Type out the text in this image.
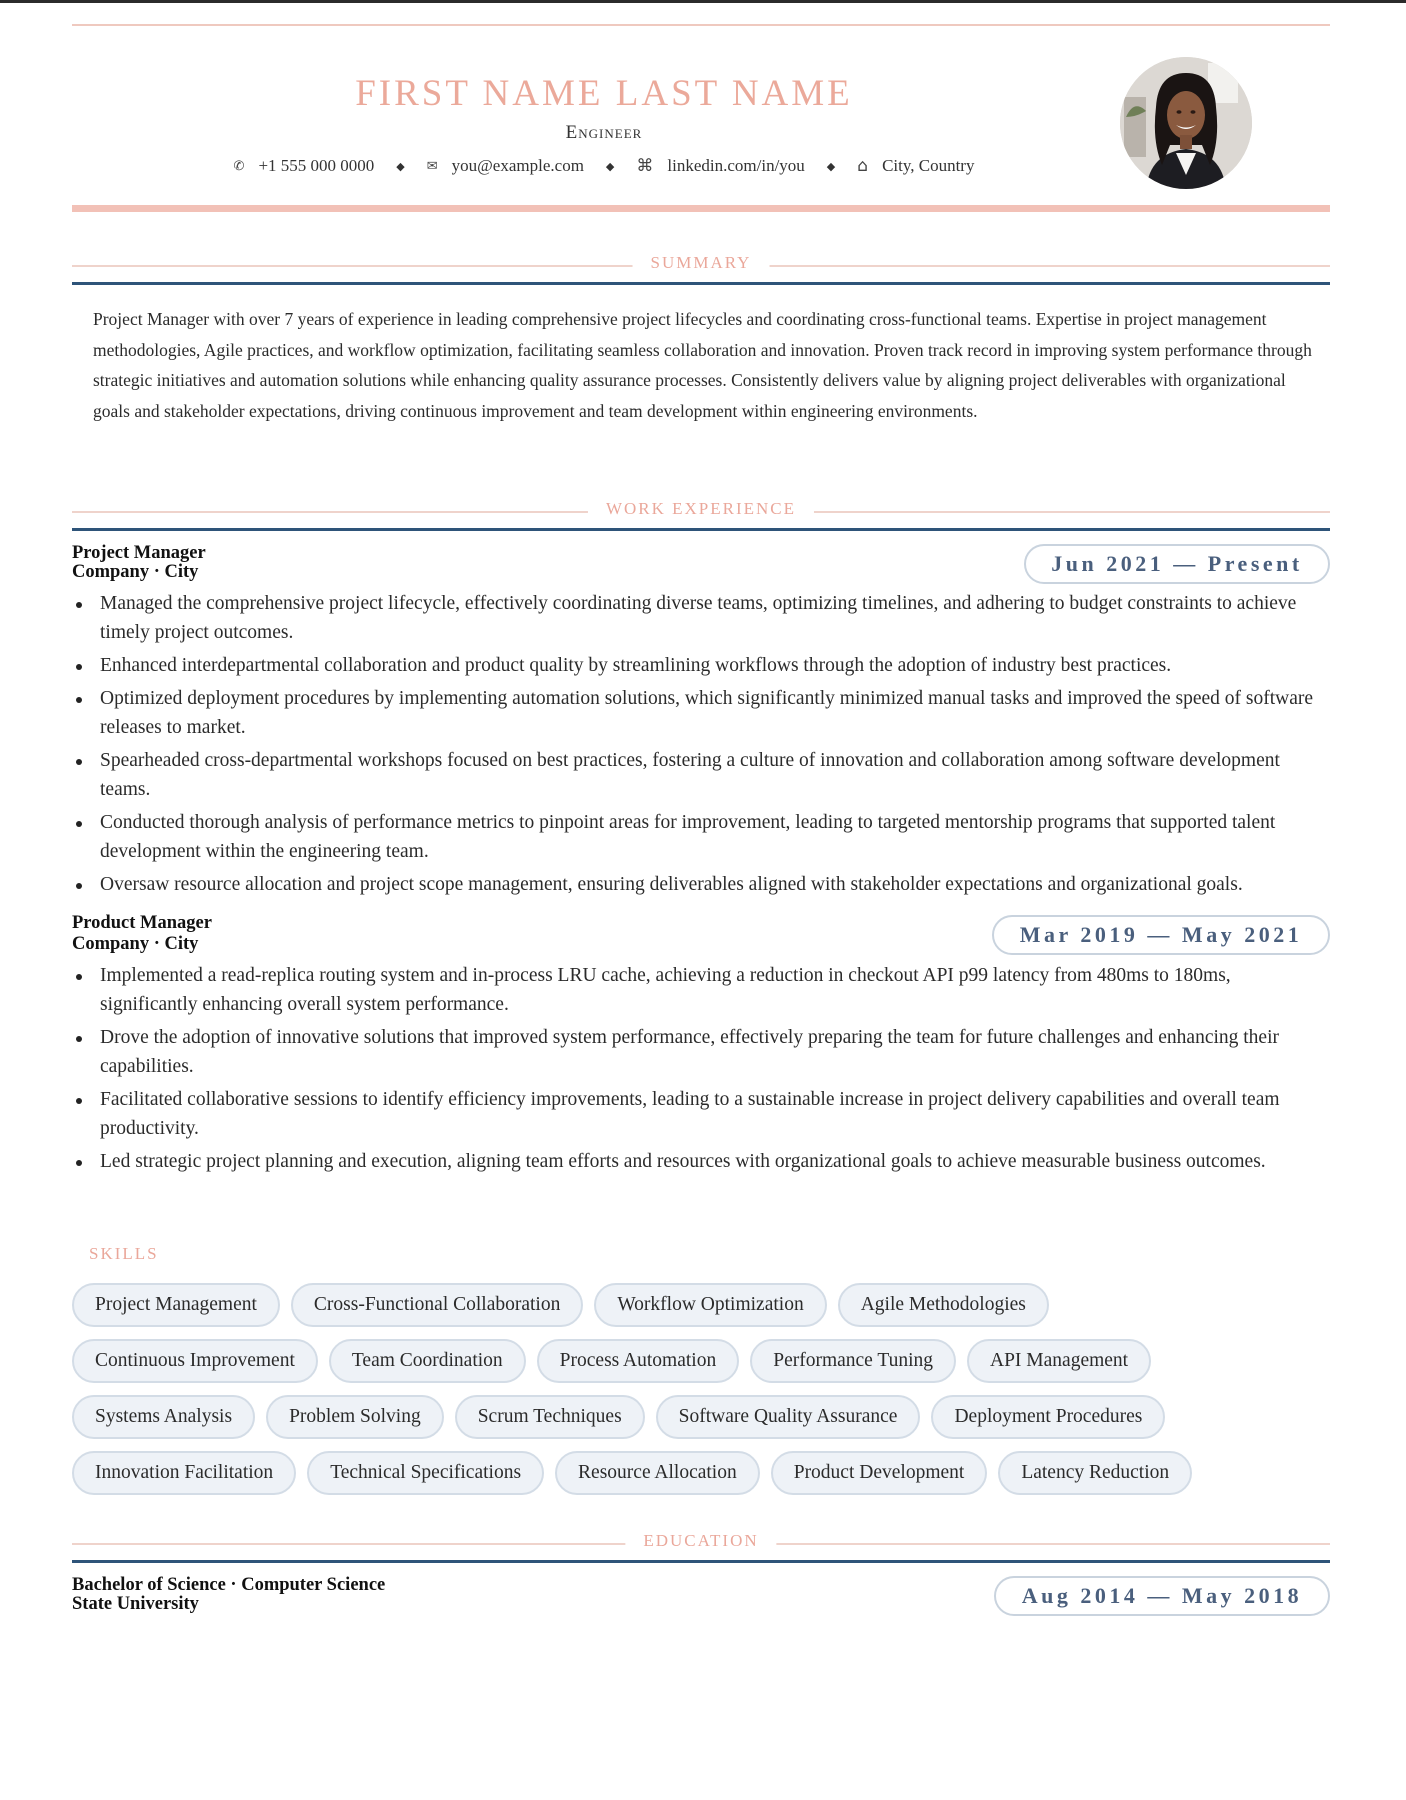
FIRST NAME LAST NAME
Engineer
✆ +1 555 000 0000 ◆ ✉ you@example.com ◆ ⌘ linkedin.com/in/you ◆ ⌂ City, Country
SUMMARY
Project Manager with over 7 years of experience in leading comprehensive project lifecycles and coordinating cross-functional teams. Expertise in project management methodologies, Agile practices, and workflow optimization, facilitating seamless collaboration and innovation. Proven track record in improving system performance through strategic initiatives and automation solutions while enhancing quality assurance processes. Consistently delivers value by aligning project deliverables with organizational goals and stakeholder expectations, driving continuous improvement and team development within engineering environments.
WORK EXPERIENCE
Project Manager
Company · City	Jun 2021 — Present
Managed the comprehensive project lifecycle, effectively coordinating diverse teams, optimizing timelines, and adhering to budget constraints to achieve timely project outcomes.
Enhanced interdepartmental collaboration and product quality by streamlining workflows through the adoption of industry best practices.
Optimized deployment procedures by implementing automation solutions, which significantly minimized manual tasks and improved the speed of software releases to market.
Spearheaded cross-departmental workshops focused on best practices, fostering a culture of innovation and collaboration among software development teams.
Conducted thorough analysis of performance metrics to pinpoint areas for improvement, leading to targeted mentorship programs that supported talent development within the engineering team.
Oversaw resource allocation and project scope management, ensuring deliverables aligned with stakeholder expectations and organizational goals.
Product Manager
Company · City	Mar 2019 — May 2021
Implemented a read-replica routing system and in-process LRU cache, achieving a reduction in checkout API p99 latency from 480ms to 180ms, significantly enhancing overall system performance.
Drove the adoption of innovative solutions that improved system performance, effectively preparing the team for future challenges and enhancing their capabilities.
Facilitated collaborative sessions to identify efficiency improvements, leading to a sustainable increase in project delivery capabilities and overall team productivity.
Led strategic project planning and execution, aligning team efforts and resources with organizational goals to achieve measurable business outcomes.
SKILLS
Project Management	Cross-Functional Collaboration	Workflow Optimization	Agile Methodologies
Continuous Improvement	Team Coordination	Process Automation	Performance Tuning	API Management
Systems Analysis	Problem Solving	Scrum Techniques	Software Quality Assurance	Deployment Procedures
Innovation Facilitation	Technical Specifications	Resource Allocation	Product Development	Latency Reduction
EDUCATION
Bachelor of Science · Computer Science
State University	Aug 2014 — May 2018
